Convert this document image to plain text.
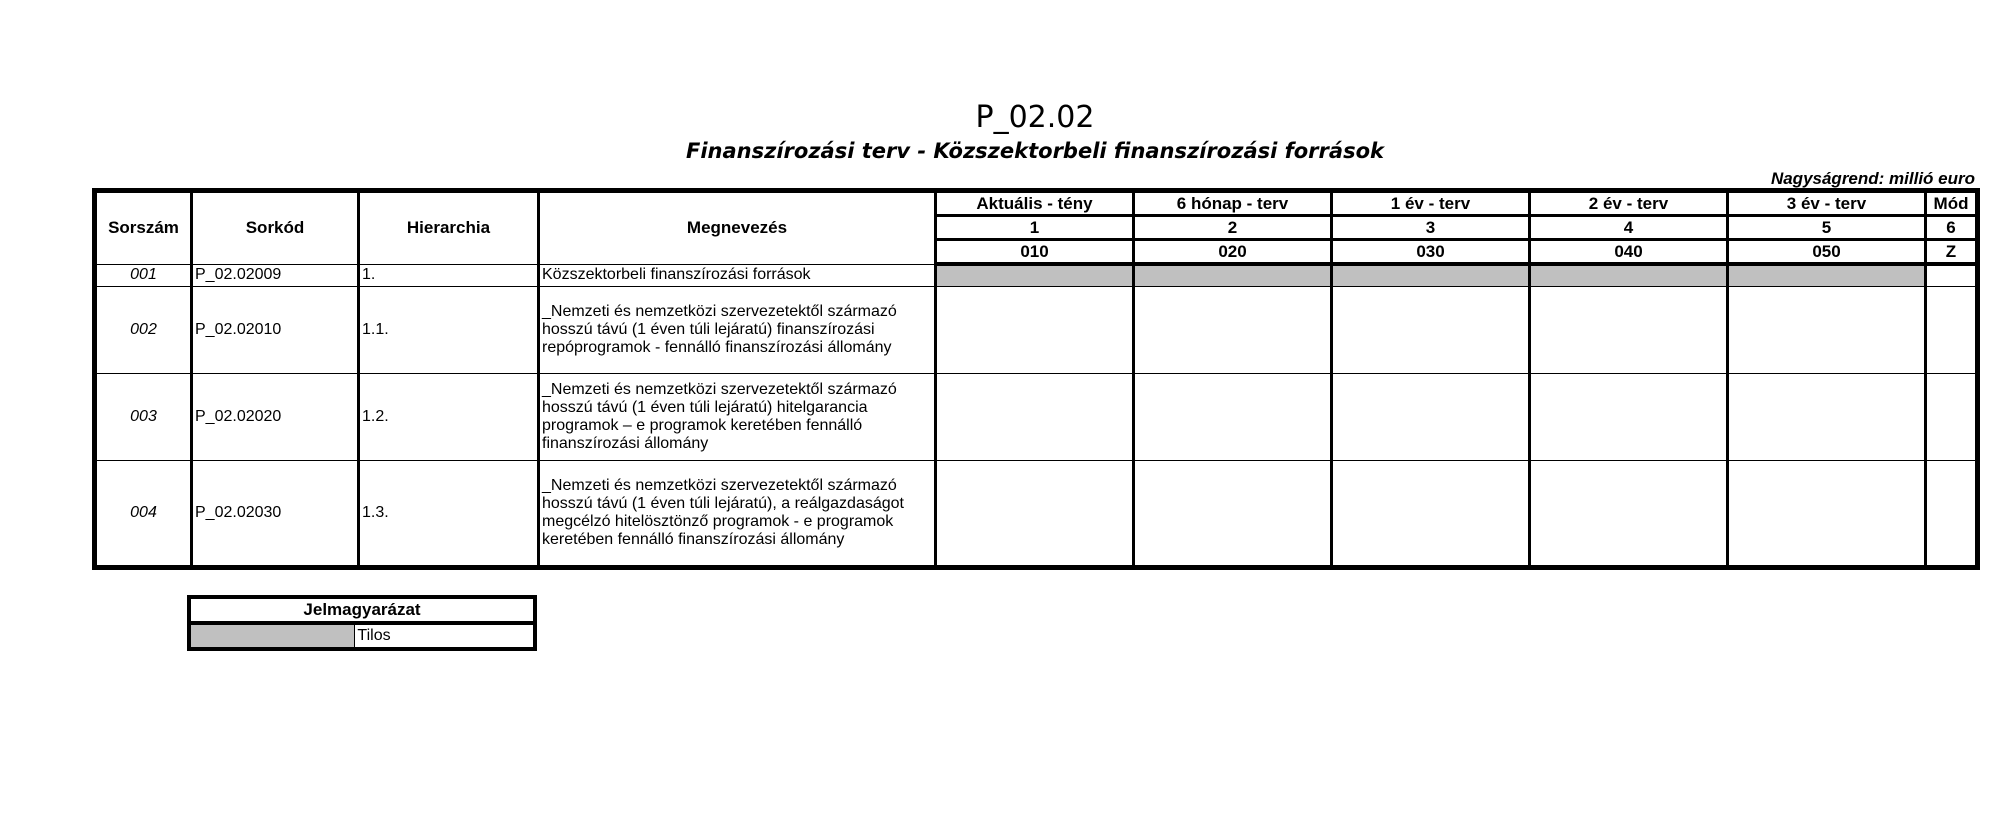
P_02.02
Finanszírozási terv - Közszektorbeli finanszírozási források
Nagyságrend: millió euro
Sorszám	Sorkód	Hierarchia	Megnevezés	Aktuális - tény	6 hónap - terv	1 év - terv	2 év - terv	3 év - terv	Mód
				1	2	3	4	5	6
				010	020	030	040	050	Z
001	P_02.02009	1.	Közszektorbeli finanszírozási források						
002	P_02.02010	1.1.	_Nemzeti és nemzetközi szervezetektől származó hosszú távú (1 éven túli lejáratú) finanszírozási repóprogramok - fennálló finanszírozási állomány						
003	P_02.02020	1.2.	_Nemzeti és nemzetközi szervezetektől származó hosszú távú (1 éven túli lejáratú) hitelgarancia programok – e programok keretében fennálló finanszírozási állomány						
004	P_02.02030	1.3.	_Nemzeti és nemzetközi szervezetektől származó hosszú távú (1 éven túli lejáratú), a reálgazdaságot megcélzó hitelösztönző programok - e programok keretében fennálló finanszírozási állomány						
Jelmagyarázat
	Tilos
